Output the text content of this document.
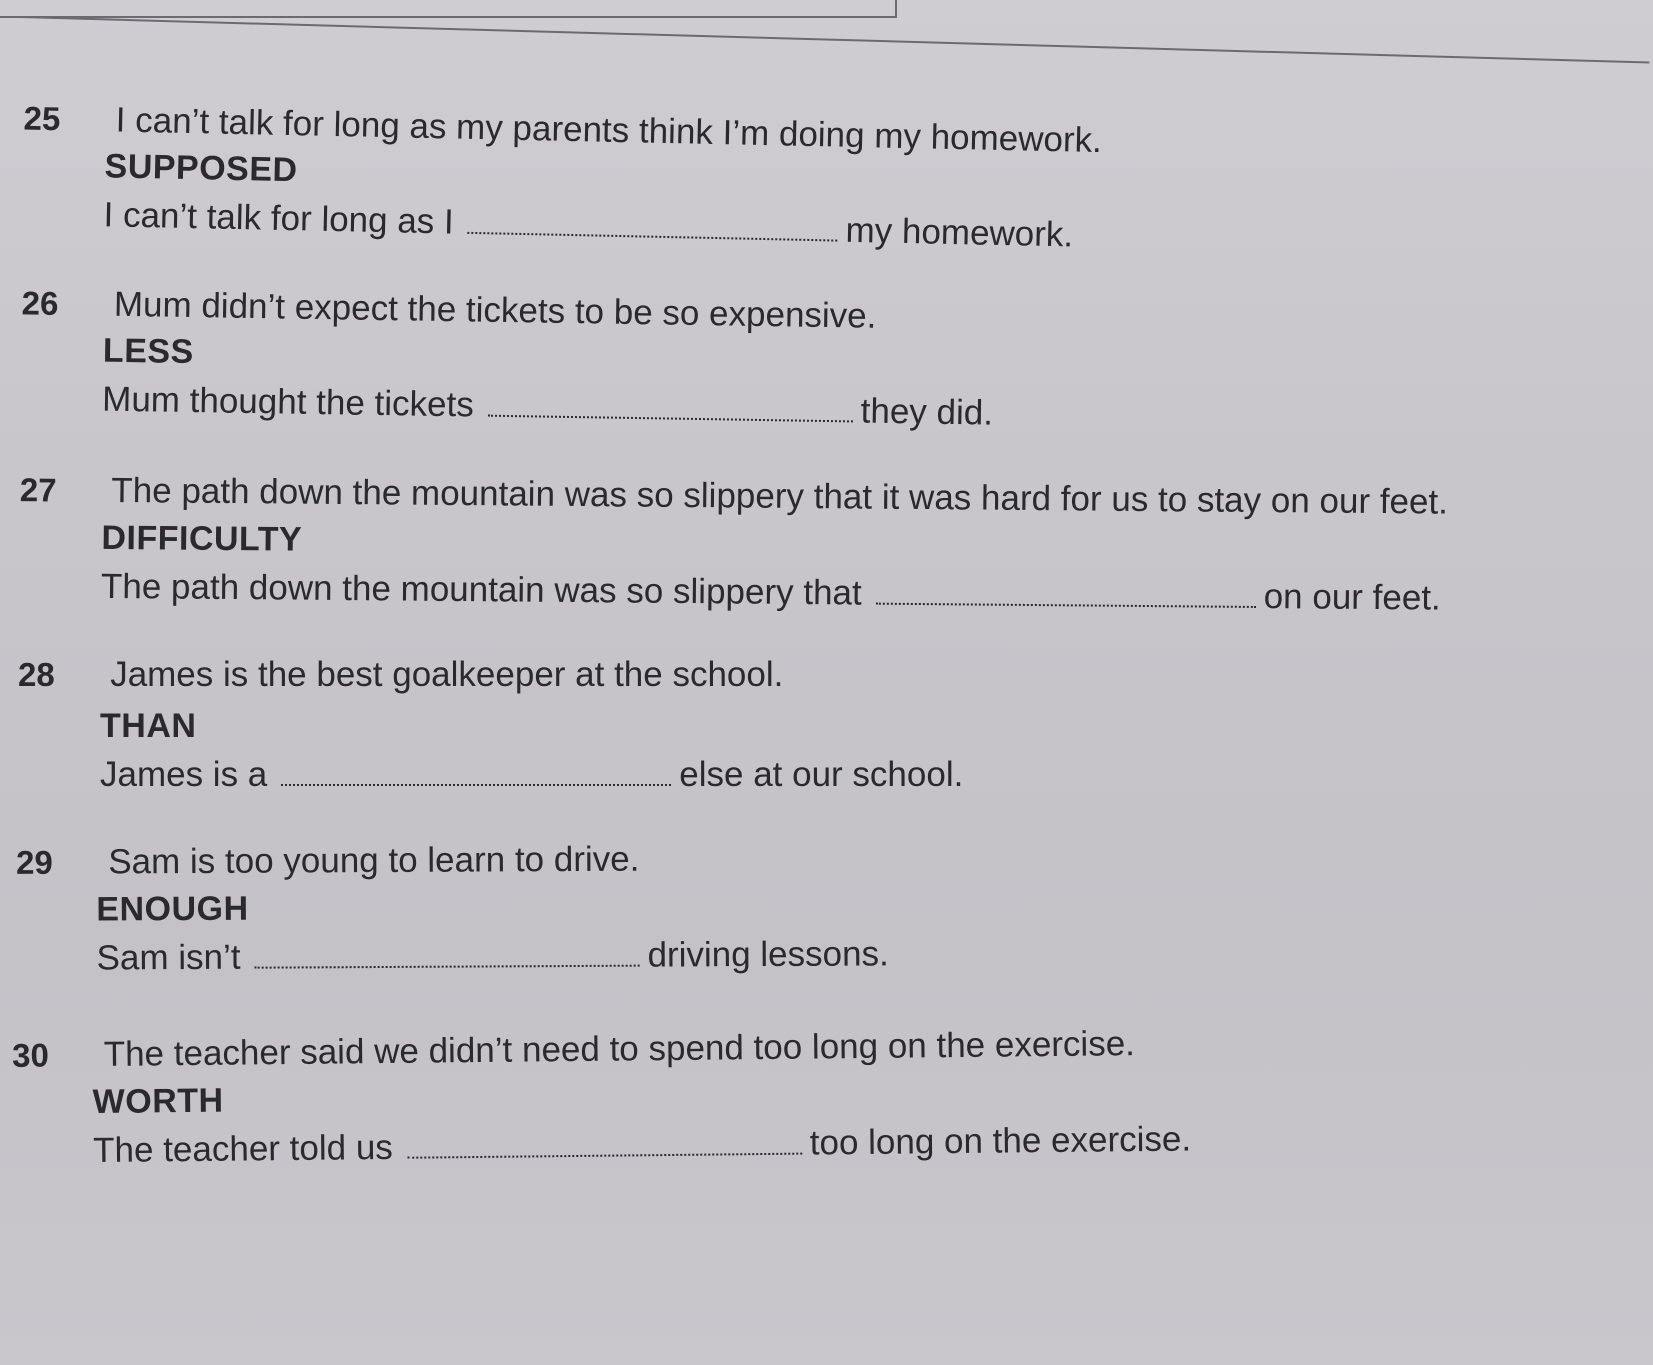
25 I can’t talk for long as my parents think I’m doing my homework.
SUPPOSED
I can’t talk for long as I	my homework.
26 Mum didn’t expect the tickets to be so expensive.
LESS
Mum thought the tickets	they did.
27 The path down the mountain was so slippery that it was hard for us to stay on our feet.
DIFFICULTY
The path down the mountain was so slippery that	on our feet.
28 James is the best goalkeeper at the school.
THAN
James is a	else at our school.
29 Sam is too young to learn to drive.
ENOUGH
Sam isn’t	driving lessons.
30 The teacher said we didn’t need to spend too long on the exercise.
WORTH
The teacher told us	too long on the exercise.
